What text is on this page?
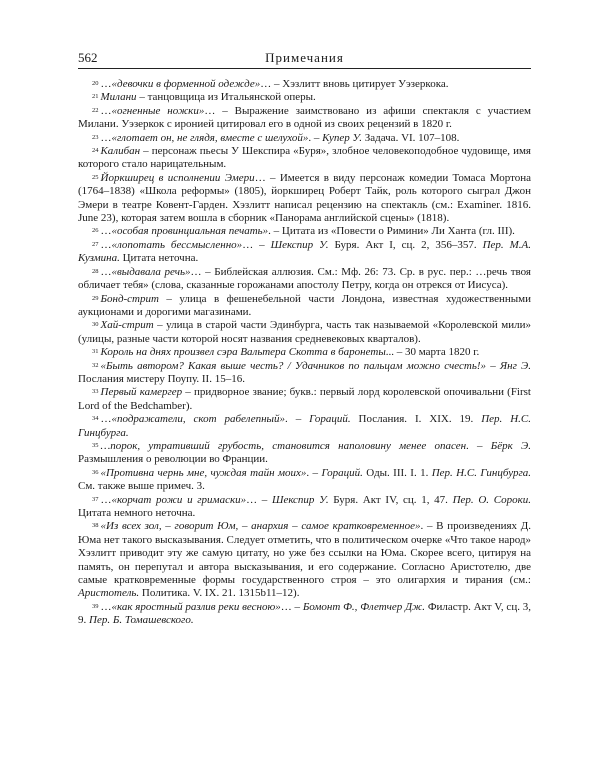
562	Примечания

$^{20}$ …«девочки в форменной одежде»… – Хэзлитт вновь цитирует Уэзеркока.

$^{21}$ Милани – танцовщица из Итальянской оперы.

$^{22}$ …«огненные ножки»… – Выражение заимствовано из афиши спектакля с участием Милани. Уэзеркок с иронией цитировал его в одной из своих рецензий в 1820 г.

$^{23}$ …«глотает он, не глядя, вместе с шелухой». – Купер У. Задача. VI. 107–108.

$^{24}$ Калибан – персонаж пьесы У Шекспира «Буря», злобное человекоподобное чудовище, имя которого стало нарицательным.

$^{25}$ Йоркширец в исполнении Эмери… – Имеется в виду персонаж комедии Томаса Мортона (1764–1838) «Школа реформы» (1805), йоркширец Роберт Тайк, роль которого сыграл Джон Эмери в театре Ковент-Гарден. Хэзлитт написал рецензию на спектакль (см.: Examiner. 1816. June 23), которая затем вошла в сборник «Панорама английской сцены» (1818).

$^{26}$ …«особая провинциальная печать». – Цитата из «Повести о Римини» Ли Ханта (гл. III).

$^{27}$ …«лопотать бессмысленно»… – Шекспир У. Буря. Акт I, сц. 2, 356–357. Пер. М.А. Кузмина. Цитата неточна.

$^{28}$ …«выдавала речь»… – Библейская аллюзия. См.: Мф. 26: 73. Ср. в рус. пер.: …речь твоя обличает тебя» (слова, сказанные горожанами апостолу Петру, когда он отрекся от Иисуса).

$^{29}$ Бонд-стрит – улица в фешенебельной части Лондона, известная художественными аукционами и дорогими магазинами.

$^{30}$ Хай-стрит – улица в старой части Эдинбурга, часть так называемой «Королевской мили» (улицы, разные части которой носят названия средневековых кварталов).

$^{31}$ Король на днях произвел сэра Вальтера Скотта в баронеты... – 30 марта 1820 г.

$^{32}$ «Быть автором? Какая выше честь? / Удачников по пальцам можно счесть!» – Янг Э. Послания мистеру Поупу. II. 15–16.

$^{33}$ Первый камергер – придворное звание; букв.: первый лорд королевской опочивальни (First Lord of the Bedchamber).

$^{34}$ …«подражатели, скот рабелепный». – Гораций. Послания. I. XIX. 19. Пер. Н.С. Гинцбурга.

$^{35}$ …порок, утративший грубость, становится наполовину менее опасен. – Бёрк Э. Размышления о революции во Франции.

$^{36}$ «Противна чернь мне, чуждая тайн моих». – Гораций. Оды. III. I. 1. Пер. Н.С. Гинцбурга. См. также выше примеч. 3.

$^{37}$ …«корчат рожи и гримаски»… – Шекспир У. Буря. Акт IV, сц. 1, 47. Пер. О. Сороки. Цитата немного неточна.

$^{38}$ «Из всех зол, – говорит Юм, – анархия – самое кратковременное». – В произведениях Д. Юма нет такого высказывания. Следует отметить, что в политическом очерке «Что такое народ» Хэзлитт приводит эту же самую цитату, но уже без ссылки на Юма. Скорее всего, цитируя на память, он перепутал и автора высказывания, и его содержание. Согласно Аристотелю, две самые кратковременные формы государственного строя – это олигархия и тирания (см.: Аристотель. Политика. V. IX. 21. 1315b11–12).

$^{39}$ …«как яростный разлив реки весною»… – Бомонт Ф., Флетчер Дж. Филастр. Акт V, сц. 3, 9. Пер. Б. Томашевского.
